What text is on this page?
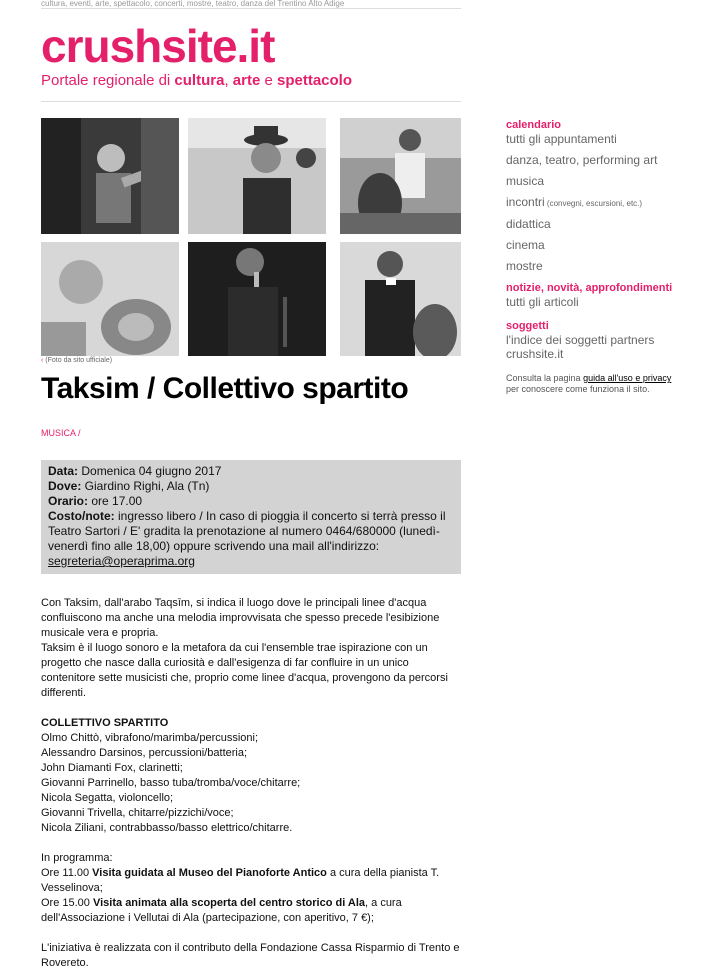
cultura, eventi, arte, spettacolo, concerti, mostre, teatro, danza del Trentino Alto Adige
crushsite.it
Portale regionale di cultura, arte e spettacolo
‹ (Foto da sito ufficiale)
Taksim / Collettivo spartito
MUSICA /
Data: Domenica 04 giugno 2017
Dove: Giardino Righi, Ala (Tn)
Orario: ore 17.00
Costo/note: ingresso libero / In caso di pioggia il concerto si terrà presso il Teatro Sartori / E' gradita la prenotazione al numero 0464/680000 (lunedì-venerdì fino alle 18,00) oppure scrivendo una mail all'indirizzo:
segreteria@operaprima.org

Con Taksim, dall'arabo Taqsīm, si indica il luogo dove le principali linee d'acqua confluiscono ma anche una melodia improvvisata che spesso precede l'esibizione musicale vera e propria.

Taksim è il luogo sonoro e la metafora da cui l'ensemble trae ispirazione con un progetto che nasce dalla curiosità e dall'esigenza di far confluire in un unico contenitore sette musicisti che, proprio come linee d'acqua, provengono da percorsi differenti.

COLLETTIVO SPARTITO

Olmo Chittò, vibrafono/marimba/percussioni;

Alessandro Darsinos, percussioni/batteria;

John Diamanti Fox, clarinetti;

Giovanni Parrinello, basso tuba/tromba/voce/chitarre;

Nicola Segatta, violoncello;

Giovanni Trivella, chitarre/pizzichi/voce;

Nicola Ziliani, contrabbasso/basso elettrico/chitarre.

In programma:

Ore 11.00 Visita guidata al Museo del Pianoforte Antico a cura della pianista T. Vesselinova;

Ore 15.00 Visita animata alla scoperta del centro storico di Ala, a cura dell'Associazione i Vellutai di Ala (partecipazione, con aperitivo, 7 €);

L'iniziativa è realizzata con il contributo della Fondazione Cassa Risparmio di Trento e Rovereto.

calendario
tutti gli appuntamenti
danza, teatro, performing art
musica
incontri (convegni, escursioni, etc.)
didattica
cinema
mostre
notizie, novità, approfondimenti
tutti gli articoli
soggetti
l'indice dei soggetti partners
crushsite.it
Consulta la pagina guida all'uso e privacy
per conoscere come funziona il sito.
